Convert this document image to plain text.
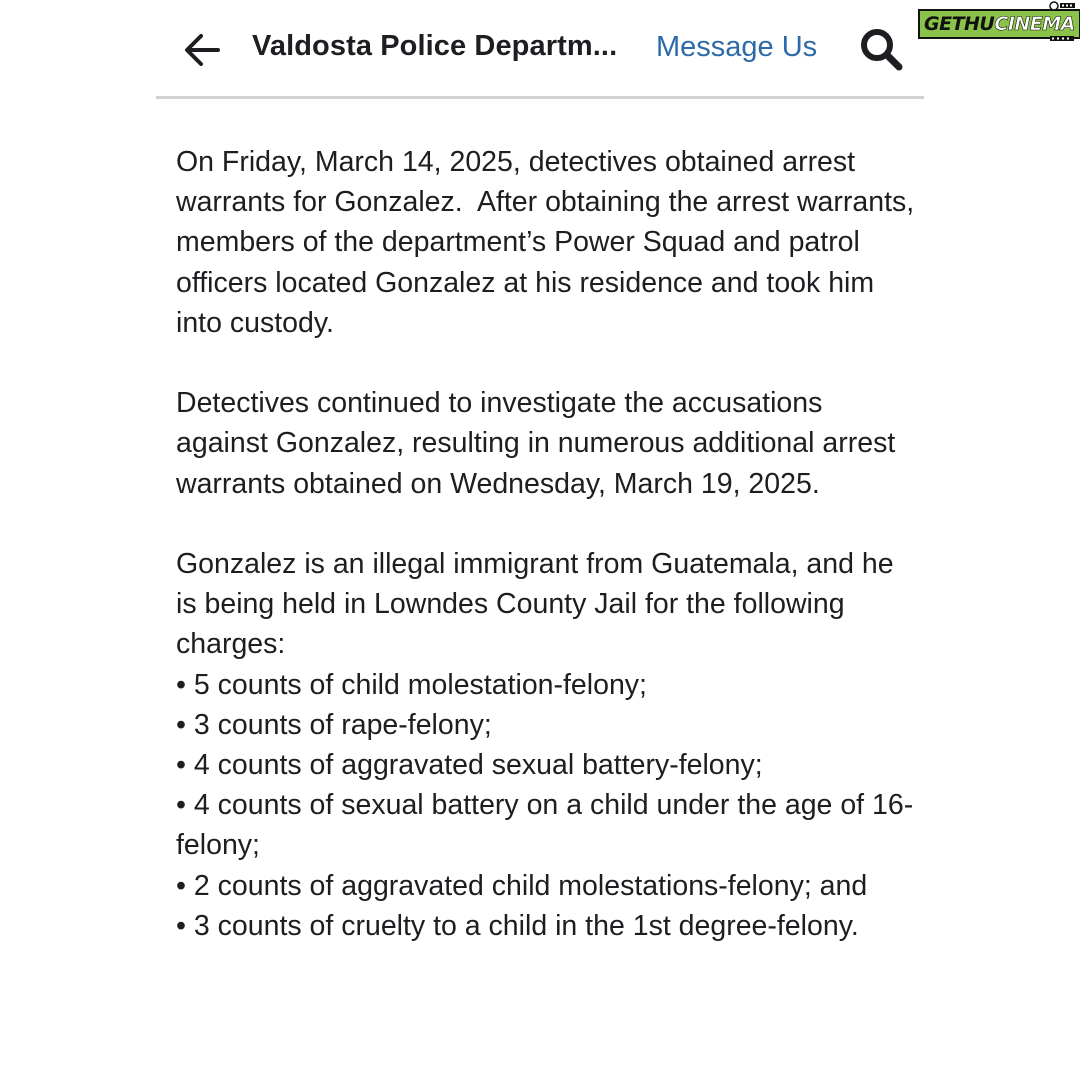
Valdosta Police Departm... Message Us
GETHU CINEMA

On Friday, March 14, 2025, detectives obtained arrest warrants for Gonzalez.  After obtaining the arrest warrants, members of the department’s Power Squad and patrol officers located Gonzalez at his residence and took him into custody.

Detectives continued to investigate the accusations against Gonzalez, resulting in numerous additional arrest warrants obtained on Wednesday, March 19, 2025.

Gonzalez is an illegal immigrant from Guatemala, and he is being held in Lowndes County Jail for the following charges:
• 5 counts of child molestation-felony;
• 3 counts of rape-felony;
• 4 counts of aggravated sexual battery-felony;
• 4 counts of sexual battery on a child under the age of 16-felony;
• 2 counts of aggravated child molestations-felony; and
• 3 counts of cruelty to a child in the 1st degree-felony.
